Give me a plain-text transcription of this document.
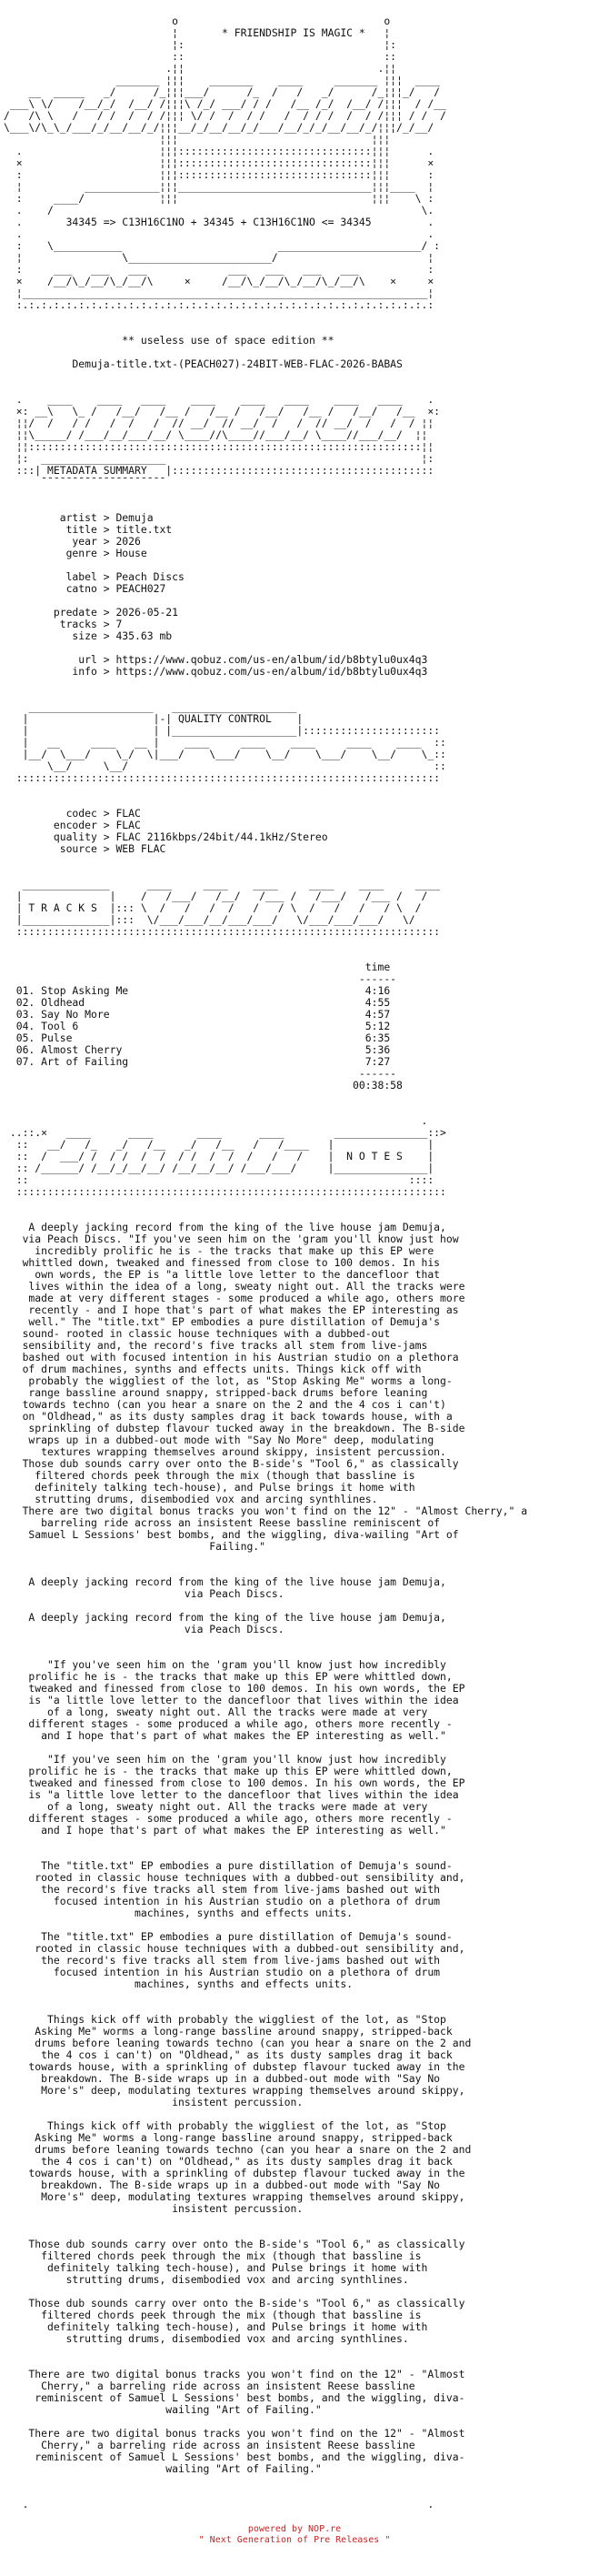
o                                 o
¦       * FRIENDSHIP IS MAGIC *   ¦
¦:                                ¦:
::                                ::
.¦¦                               .¦¦
_______ ¦¦¦    _______    ____     _______ ¦¦¦  ____
__  _____   _/      /_¦¦¦___/      /_  /   /   _/      /_¦¦¦_/   /
___\ \/    /__/_/  /__/ /¦¦¦\ /_/ ___/ / /   /__ /_/  /__/ /¦¦¦  / /__
/   /\ \   /   / /  /  / /¦¦¦ \/ /  /  / /   /  / / /  /  / /¦¦¦ / /  /
\___\/\_\_/___/_/__/__/_/¦¦¦__/_/__/__/_/___/__/_/_/__/__/_/¦¦¦/_/__/
¦¦¦                               ¦¦¦
.                      ¦¦¦:::::::::::::::::::::::::::::::¦¦¦      .
×                      ¦¦¦:::::::::::::::::::::::::::::::¦¦¦      ×
:                      ¦¦¦:::::::::::::::::::::::::::::::¦¦¦      :
¦          ____________¦¦¦_______________________________¦¦¦____  ¦
:     ____/            ¦¦¦                               ¦¦¦    \ :
.    /                                                           \.
.       34345 => C13H16C1NO + 34345 + C13H16C1NO <= 34345         .
.                                                                 .
:    \___________                         _______________________/ :
¦                \_______________________/                        ¦
:     ___   ___   ___             ___   ___   ___   ___           :
×    /__/\_/__/\_/__/\     ×     /__/\_/__/\_/__/\_/__/\    ×     ×
¦_________________________________________________________________¦
:.:.:.:.:.:.:.:.:.:.:.:.:.:.:.:.:.:.:.:.:.:.:.:.:.:.:.:.:.:.:.:.:.:

** useless use of space edition **

Demuja-title.txt-(PEACH027)-24BIT-WEB-FLAC-2026-BABAS

.    ____    ____   ____    ____    ____   ____    ____   ____    .
×: __\   \_ /   /__/   /__ /   /__ /   /__/   /__ /   /__/   /__  ×:
¦¦/  /   / /   /  /   /  // __/  // __/  /   /  // __/  /   /  / ¦¦
¦¦\_____/ /___/__/___/__/ \____//\____//___/__/ \____//___/__/  ¦¦
¦¦:::::::::::::::::::::::::::::::::::::::::::::::::::::::::::::::¦¦
¦:  ____________________                                         ¦:
:::| METADATA SUMMARY   |::::::::::::::::::::::::::::::::::::::::::
¯¯¯¯¯¯¯¯¯¯¯¯¯¯¯¯¯¯¯¯

artist > Demuja
title > title.txt
year > 2026
genre > House

label > Peach Discs
catno > PEACH027

predate > 2026-05-21
tracks > 7
size > 435.63 mb

url > https://www.qobuz.com/us-en/album/id/b8btylu0ux4q3
info > https://www.qobuz.com/us-en/album/id/b8btylu0ux4q3

____________________   ____________________
|                    |-| QUALITY CONTROL    |
|                    | |____________________|::::::::::::::::::::::
|   __     ____   __ |    ____     ____    ____     ____    ____  ::
|__/  \___/    \_/  \|___/    \___/    \__/    \___/    \__/    \_::
\__/     \__/                                                 ::
::::::::::::::::::::::::::::::::::::::::::::::::::::::::::::::::::::

codec > FLAC
encoder > FLAC
quality > FLAC 2116kbps/24bit/44.1kHz/Stereo
source > WEB FLAC

______________      ____     ____    ____     ____    ____     ____
|              |    /   /___/   /__/   /___ /   /___/   /___ /   /
| T R A C K S  |::: \  /   /   /  /   /   / \  /   /   /   / \  /
|______________|:::  \/___/___/__/___/___/   \/___/___/___/   \/
::::::::::::::::::::::::::::::::::::::::::::::::::::::::::::::::::::

time
------
01. Stop Asking Me                                      4:16
02. Oldhead                                             4:55
03. Say No More                                         4:57
04. Tool 6                                              5:12
05. Pulse                                               6:35
06. Almost Cherry                                       5:36
07. Art of Failing                                      7:27
------
00:38:58

.
..::.×   ____      ____       ____      ____        _______________::>
::   __/   /_   _/   /__   _/   /__   /   /____   |               |
::  /  ___/ /  / /  /  /  / /  /  /  /   /   /    |  N O T E S    |
:: /______/ /__/_/__/__/ /__/__/__/ /___/___/     |_______________|
::                                                             ::::
:::::::::::::::::::::::::::::::::::::::::::::::::::::::::::::::::::::

A deeply jacking record from the king of the live house jam Demuja,
via Peach Discs. "If you've seen him on the 'gram you'll know just how
incredibly prolific he is - the tracks that make up this EP were
whittled down, tweaked and finessed from close to 100 demos. In his
own words, the EP is "a little love letter to the dancefloor that
lives within the idea of a long, sweaty night out. All the tracks were
made at very different stages - some produced a while ago, others more
recently - and I hope that's part of what makes the EP interesting as
well." The "title.txt" EP embodies a pure distillation of Demuja's
sound- rooted in classic house techniques with a dubbed-out
sensibility and, the record's five tracks all stem from live-jams
bashed out with focused intention in his Austrian studio on a plethora
of drum machines, synths and effects units. Things kick off with
probably the wiggliest of the lot, as "Stop Asking Me" worms a long-
range bassline around snappy, stripped-back drums before leaning
towards techno (can you hear a snare on the 2 and the 4 cos i can't)
on "Oldhead," as its dusty samples drag it back towards house, with a
sprinkling of dubstep flavour tucked away in the breakdown. The B-side
wraps up in a dubbed-out mode with "Say No More" deep, modulating
textures wrapping themselves around skippy, insistent percussion.
Those dub sounds carry over onto the B-side's "Tool 6," as classically
filtered chords peek through the mix (though that bassline is
definitely talking tech-house), and Pulse brings it home with
strutting drums, disembodied vox and arcing synthlines.
There are two digital bonus tracks you won't find on the 12" - "Almost Cherry," a
barreling ride across an insistent Reese bassline reminiscent of
Samuel L Sessions' best bombs, and the wiggling, diva-wailing "Art of
Failing."

A deeply jacking record from the king of the live house jam Demuja,
via Peach Discs.

A deeply jacking record from the king of the live house jam Demuja,
via Peach Discs.

"If you've seen him on the 'gram you'll know just how incredibly
prolific he is - the tracks that make up this EP were whittled down,
tweaked and finessed from close to 100 demos. In his own words, the EP
is "a little love letter to the dancefloor that lives within the idea
of a long, sweaty night out. All the tracks were made at very
different stages - some produced a while ago, others more recently -
and I hope that's part of what makes the EP interesting as well."

"If you've seen him on the 'gram you'll know just how incredibly
prolific he is - the tracks that make up this EP were whittled down,
tweaked and finessed from close to 100 demos. In his own words, the EP
is "a little love letter to the dancefloor that lives within the idea
of a long, sweaty night out. All the tracks were made at very
different stages - some produced a while ago, others more recently -
and I hope that's part of what makes the EP interesting as well."

The "title.txt" EP embodies a pure distillation of Demuja's sound-
rooted in classic house techniques with a dubbed-out sensibility and,
the record's five tracks all stem from live-jams bashed out with
focused intention in his Austrian studio on a plethora of drum
machines, synths and effects units.

The "title.txt" EP embodies a pure distillation of Demuja's sound-
rooted in classic house techniques with a dubbed-out sensibility and,
the record's five tracks all stem from live-jams bashed out with
focused intention in his Austrian studio on a plethora of drum
machines, synths and effects units.

Things kick off with probably the wiggliest of the lot, as "Stop
Asking Me" worms a long-range bassline around snappy, stripped-back
drums before leaning towards techno (can you hear a snare on the 2 and
the 4 cos i can't) on "Oldhead," as its dusty samples drag it back
towards house, with a sprinkling of dubstep flavour tucked away in the
breakdown. The B-side wraps up in a dubbed-out mode with "Say No
More's" deep, modulating textures wrapping themselves around skippy,
insistent percussion.

Things kick off with probably the wiggliest of the lot, as "Stop
Asking Me" worms a long-range bassline around snappy, stripped-back
drums before leaning towards techno (can you hear a snare on the 2 and
the 4 cos i can't) on "Oldhead," as its dusty samples drag it back
towards house, with a sprinkling of dubstep flavour tucked away in the
breakdown. The B-side wraps up in a dubbed-out mode with "Say No
More's" deep, modulating textures wrapping themselves around skippy,
insistent percussion.

Those dub sounds carry over onto the B-side's "Tool 6," as classically
filtered chords peek through the mix (though that bassline is
definitely talking tech-house), and Pulse brings it home with
strutting drums, disembodied vox and arcing synthlines.

Those dub sounds carry over onto the B-side's "Tool 6," as classically
filtered chords peek through the mix (though that bassline is
definitely talking tech-house), and Pulse brings it home with
strutting drums, disembodied vox and arcing synthlines.

There are two digital bonus tracks you won't find on the 12" - "Almost
Cherry," a barreling ride across an insistent Reese bassline
reminiscent of Samuel L Sessions' best bombs, and the wiggling, diva-
wailing "Art of Failing."

There are two digital bonus tracks you won't find on the 12" - "Almost
Cherry," a barreling ride across an insistent Reese bassline
reminiscent of Samuel L Sessions' best bombs, and the wiggling, diva-
wailing "Art of Failing."

.                                                                .

powered by NOP.re
" Next Generation of Pre Releases "
